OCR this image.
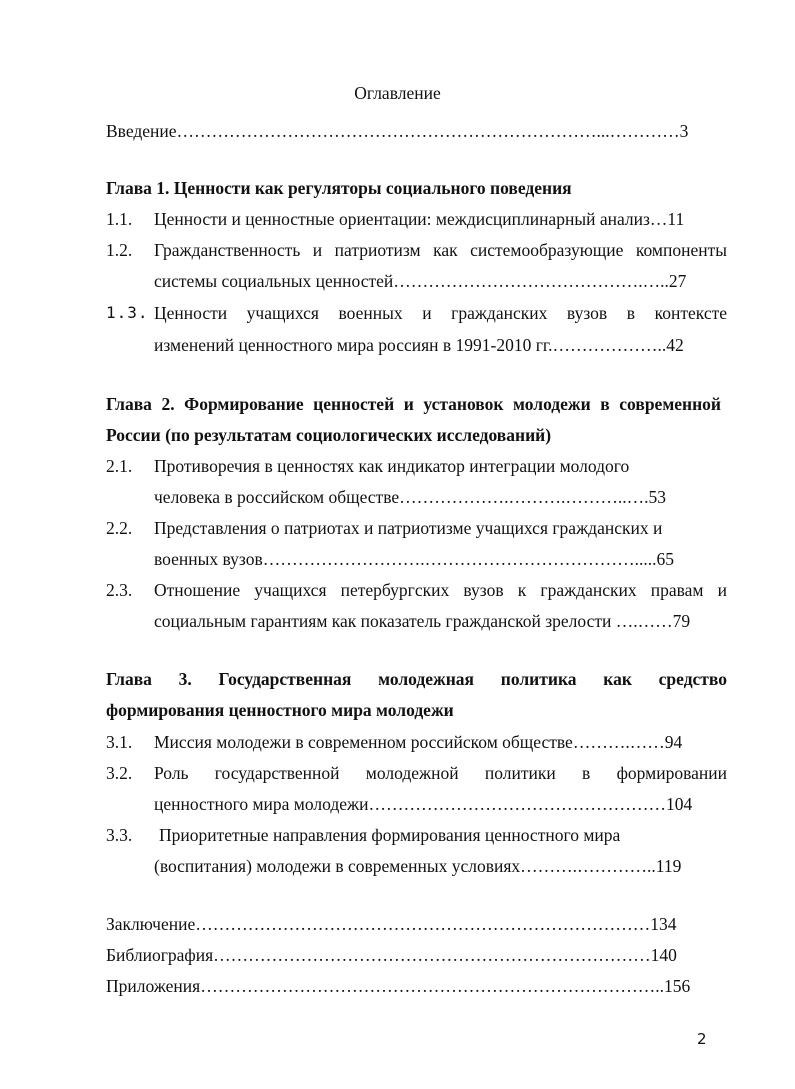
Оглавление
Введение………………………………………………………………...…………3
Глава 1. Ценности как регуляторы социального поведения
1.1. Ценности и ценностные ориентации: междисциплинарный анализ…11
1.2. Гражданственность и патриотизм как системообразующие компоненты
системы социальных ценностей…………………………………….…..27
1.3. Ценности учащихся военных и гражданских вузов в контексте
изменений ценностного мира россиян в 1991-2010 гг.………………..42
Глава 2. Формирование ценностей и установок молодежи в современной
России (по результатам социологических исследований)
2.1. Противоречия в ценностях как индикатор интеграции молодого
человека в российском обществе……………….……….………..….53
2.2. Представления о патриотах и патриотизме учащихся гражданских и
военных вузов……………………….……………………………….....65
2.3. Отношение учащихся петербургских вузов к гражданских правам и
социальным гарантиям как показатель гражданской зрелости ….……79
Глава 3. Государственная молодежная политика как средство
формирования ценностного мира молодежи
3.1. Миссия молодежи в современном российском обществе……….……94
3.2. Роль государственной молодежной политики в формировании
ценностного мира молодежи……………………………………………104
3.3. Приоритетные направления формирования ценностного мира
(воспитания) молодежи в современных условиях……….…………..119
Заключение……………………………………………………………………134
Библиография…………………………………………………………………140
Приложения……………………………………………………………………..156
2
